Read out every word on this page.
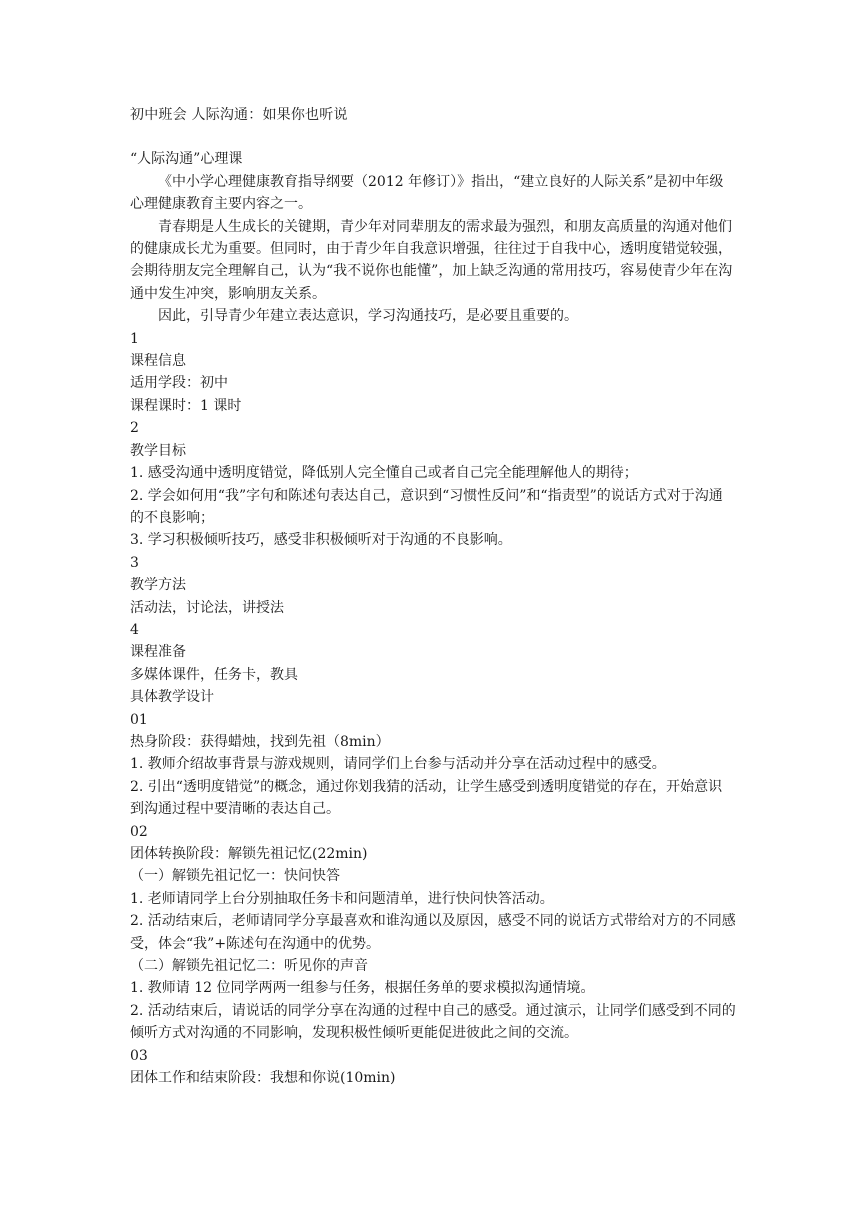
初中班会 人际沟通：如果你也听说
“人际沟通”心理课
《中小学心理健康教育指导纲要（2012 年修订）》指出，“建立良好的人际关系”是初中年级心理健康教育主要内容之一。
青春期是人生成长的关键期，青少年对同辈朋友的需求最为强烈，和朋友高质量的沟通对他们的健康成长尤为重要。但同时，由于青少年自我意识增强，往往过于自我中心，透明度错觉较强，会期待朋友完全理解自己，认为“我不说你也能懂”，加上缺乏沟通的常用技巧，容易使青少年在沟通中发生冲突，影响朋友关系。
因此，引导青少年建立表达意识，学习沟通技巧，是必要且重要的。
1
课程信息
适用学段：初中
课程课时：1 课时
2
教学目标
1. 感受沟通中透明度错觉，降低别人完全懂自己或者自己完全能理解他人的期待；
2. 学会如何用“我”字句和陈述句表达自己，意识到“习惯性反问”和“指责型”的说话方式对于沟通的不良影响；
3. 学习积极倾听技巧，感受非积极倾听对于沟通的不良影响。
3
教学方法
活动法，讨论法，讲授法
4
课程准备
多媒体课件，任务卡，教具
具体教学设计
01
热身阶段：获得蜡烛，找到先祖（8min）
1. 教师介绍故事背景与游戏规则，请同学们上台参与活动并分享在活动过程中的感受。
2. 引出“透明度错觉”的概念，通过你划我猜的活动，让学生感受到透明度错觉的存在，开始意识到沟通过程中要清晰的表达自己。
02
团体转换阶段：解锁先祖记忆(22min)
（一）解锁先祖记忆一：快问快答
1. 老师请同学上台分别抽取任务卡和问题清单，进行快问快答活动。
2. 活动结束后，老师请同学分享最喜欢和谁沟通以及原因，感受不同的说话方式带给对方的不同感受，体会“我”+陈述句在沟通中的优势。
（二）解锁先祖记忆二：听见你的声音
1. 教师请 12 位同学两两一组参与任务，根据任务单的要求模拟沟通情境。
2. 活动结束后，请说话的同学分享在沟通的过程中自己的感受。通过演示，让同学们感受到不同的倾听方式对沟通的不同影响，发现积极性倾听更能促进彼此之间的交流。
03
团体工作和结束阶段：我想和你说(10min)
